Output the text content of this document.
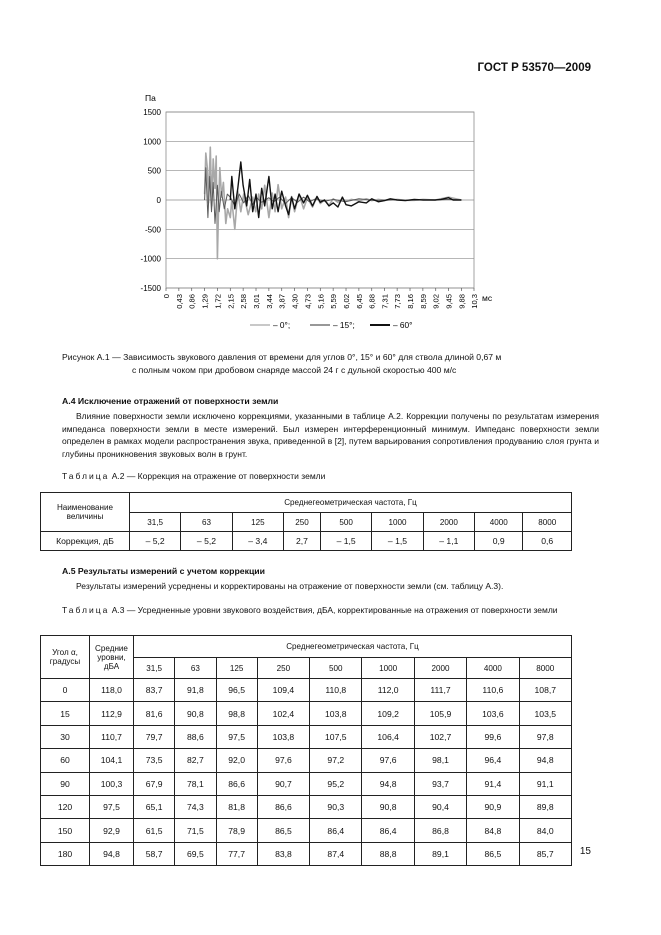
ГОСТ Р 53570—2009
Па
1500
1000
500
0
-500
-1000
-1500
0 0,43 0,86 1,29 1,72 2,15 2,58 3,01 3,44 3,87 4,30 4,73 5,16 5,59 6,02 6,45 6,88 7,31 7,73 8,16 8,59 9,02 9,45 9,88 10,3 мс
– 0°;	– 15°;	– 60°
Рисунок А.1 — Зависимость звукового давления от времени для углов 0°, 15° и 60° для ствола длиной 0,67 м
с полным чоком при дробовом снаряде массой 24 г с дульной скоростью 400 м/с
А.4 Исключение отражений от поверхности земли
Влияние поверхности земли исключено коррекциями, указанными в таблице А.2. Коррекции получены по результатам измерения импеданса поверхности земли в месте измерений. Был измерен интерференционный минимум. Импеданс поверхности земли определен в рамках модели распространения звука, приведенной в [2], путем варьирования сопротивления продуванию слоя грунта и глубины проникновения звуковых волн в грунт.
Таблица А.2 — Коррекция на отражение от поверхности земли
Наименование величины	Среднегеометрическая частота, Гц								
	31,5	63	125	250	500	1000	2000	4000	8000
Коррекция, дБ	– 5,2	– 5,2	– 3,4	2,7	– 1,5	– 1,5	– 1,1	0,9	0,6
А.5 Результаты измерений с учетом коррекции
Результаты измерений усреднены и корректированы на отражение от поверхности земли (см. таблицу А.3).
Таблица А.3 — Усредненные уровни звукового воздействия, дБА, корректированные на отражения от поверхности земли
Угол α, градусы	Средние уровни, дБА	Среднегеометрическая частота, Гц								
		31,5	63	125	250	500	1000	2000	4000	8000
0	118,0	83,7	91,8	96,5	109,4	110,8	112,0	111,7	110,6	108,7
15	112,9	81,6	90,8	98,8	102,4	103,8	109,2	105,9	103,6	103,5
30	110,7	79,7	88,6	97,5	103,8	107,5	106,4	102,7	99,6	97,8
60	104,1	73,5	82,7	92,0	97,6	97,2	97,6	98,1	96,4	94,8
90	100,3	67,9	78,1	86,6	90,7	95,2	94,8	93,7	91,4	91,1
120	97,5	65,1	74,3	81,8	86,6	90,3	90,8	90,4	90,9	89,8
150	92,9	61,5	71,5	78,9	86,5	86,4	86,4	86,8	84,8	84,0
180	94,8	58,7	69,5	77,7	83,8	87,4	88,8	89,1	86,5	85,7	15
